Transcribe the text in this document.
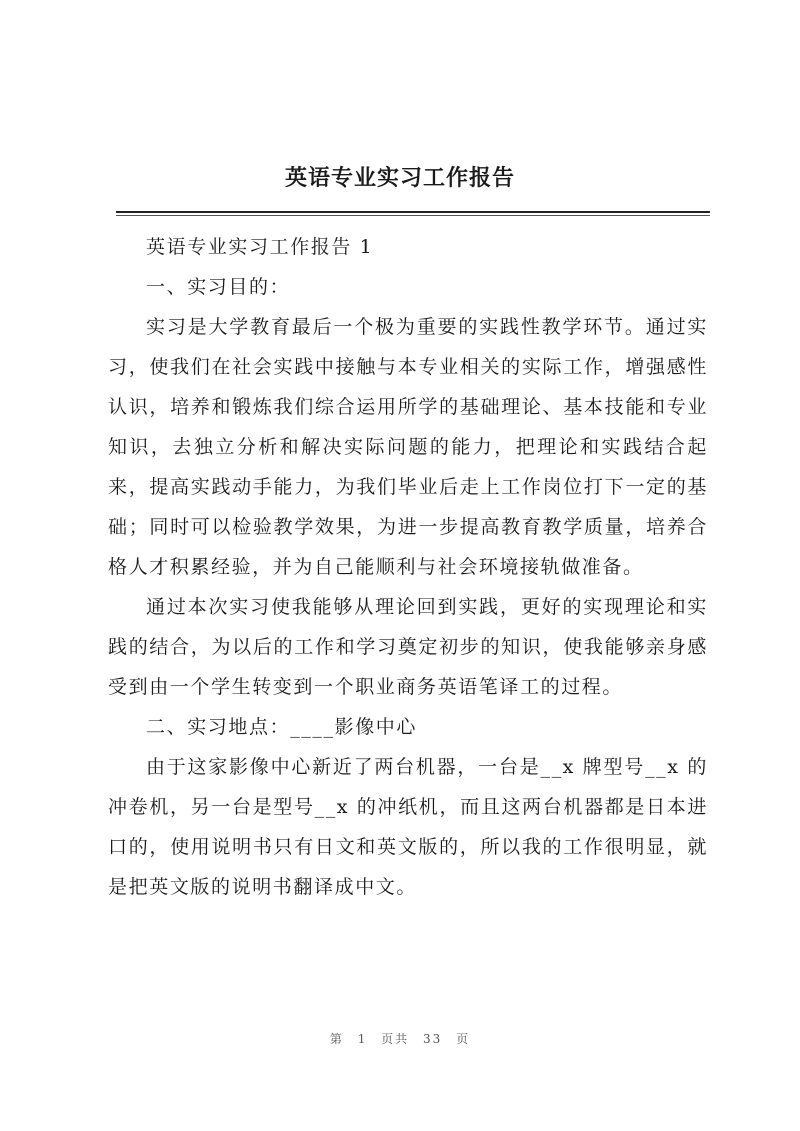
英语专业实习工作报告

英语专业实习工作报告 1

一、实习目的：

实习是大学教育最后一个极为重要的实践性教学环节。通过实习，使我们在社会实践中接触与本专业相关的实际工作，增强感性认识，培养和锻炼我们综合运用所学的基础理论、基本技能和专业知识，去独立分析和解决实际问题的能力，把理论和实践结合起来，提高实践动手能力，为我们毕业后走上工作岗位打下一定的基础；同时可以检验教学效果，为进一步提高教育教学质量，培养合格人才积累经验，并为自己能顺利与社会环境接轨做准备。

通过本次实习使我能够从理论回到实践，更好的实现理论和实践的结合，为以后的工作和学习奠定初步的知识，使我能够亲身感受到由一个学生转变到一个职业商务英语笔译工的过程。

二、实习地点：____影像中心

由于这家影像中心新近了两台机器，一台是__x 牌型号__x 的冲卷机，另一台是型号__x 的冲纸机，而且这两台机器都是日本进口的，使用说明书只有日文和英文版的，所以我的工作很明显，就是把英文版的说明书翻译成中文。

第 1 页共 33 页
